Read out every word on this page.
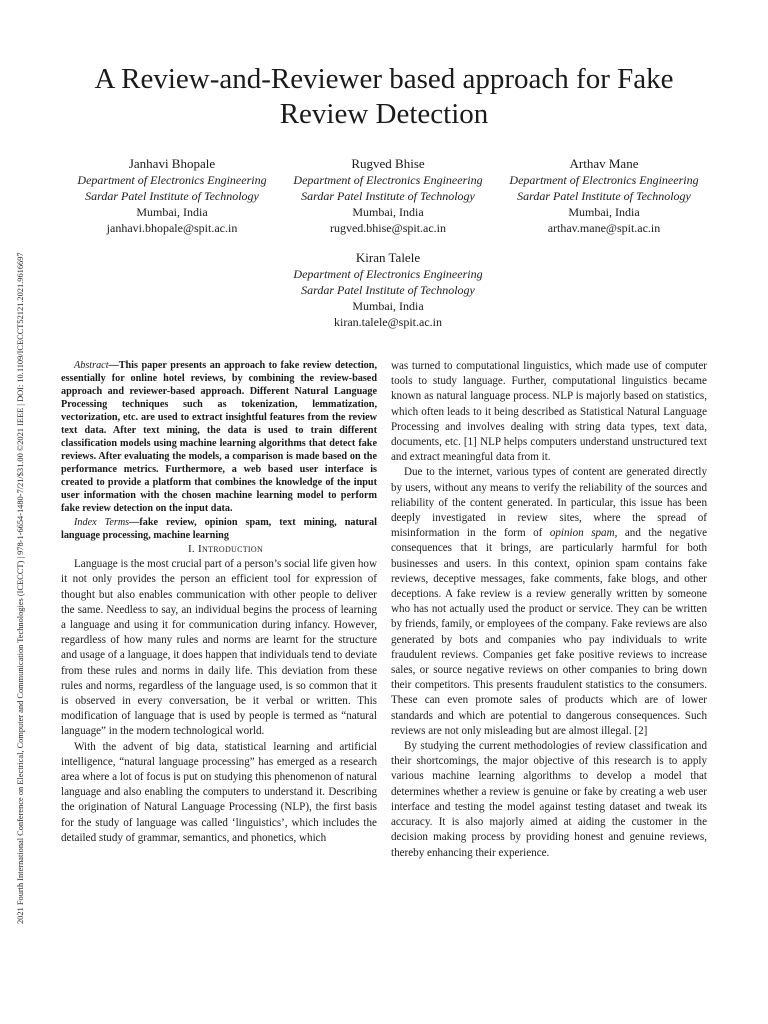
2021 Fourth International Conference on Electrical, Computer and Communication Technologies (ICECCT) | 978-1-6654-1480-7/21/$31.00 ©2021 IEEE | DOI: 10.1109/ICECCT52121.2021.9616697
A Review-and-Reviewer based approach for Fake Review Detection
Janhavi Bhopale
Department of Electronics Engineering
Sardar Patel Institute of Technology
Mumbai, India
janhavi.bhopale@spit.ac.in
Rugved Bhise
Department of Electronics Engineering
Sardar Patel Institute of Technology
Mumbai, India
rugved.bhise@spit.ac.in
Arthav Mane
Department of Electronics Engineering
Sardar Patel Institute of Technology
Mumbai, India
arthav.mane@spit.ac.in
Kiran Talele
Department of Electronics Engineering
Sardar Patel Institute of Technology
Mumbai, India
kiran.talele@spit.ac.in

Abstract—This paper presents an approach to fake review detection, essentially for online hotel reviews, by combining the review-based approach and reviewer-based approach. Different Natural Language Processing techniques such as tokenization, lemmatization, vectorization, etc. are used to extract insightful features from the review text data. After text mining, the data is used to train different classification models using machine learning algorithms that detect fake reviews. After evaluating the models, a comparison is made based on the performance metrics. Furthermore, a web based user interface is created to provide a platform that combines the knowledge of the input user information with the chosen machine learning model to perform fake review detection on the input data.

Index Terms—fake review, opinion spam, text mining, natural language processing, machine learning

I. Introduction

Language is the most crucial part of a person’s social life given how it not only provides the person an efficient tool for expression of thought but also enables communication with other people to deliver the same. Needless to say, an individual begins the process of learning a language and using it for communication during infancy. However, regardless of how many rules and norms are learnt for the structure and usage of a language, it does happen that individuals tend to deviate from these rules and norms in daily life. This deviation from these rules and norms, regardless of the language used, is so common that it is observed in every conversation, be it verbal or written. This modification of language that is used by people is termed as “natural language” in the modern technological world.

With the advent of big data, statistical learning and artificial intelligence, “natural language processing” has emerged as a research area where a lot of focus is put on studying this phenomenon of natural language and also enabling the computers to understand it. Describing the origination of Natural Language Processing (NLP), the first basis for the study of language was called ‘linguistics’, which includes the detailed study of grammar, semantics, and phonetics, which

was turned to computational linguistics, which made use of computer tools to study language. Further, computational linguistics became known as natural language process. NLP is majorly based on statistics, which often leads to it being described as Statistical Natural Language Processing and involves dealing with string data types, text data, documents, etc. [1] NLP helps computers understand unstructured text and extract meaningful data from it.

Due to the internet, various types of content are generated directly by users, without any means to verify the reliability of the sources and reliability of the content generated. In particular, this issue has been deeply investigated in review sites, where the spread of misinformation in the form of opinion spam, and the negative consequences that it brings, are particularly harmful for both businesses and users. In this context, opinion spam contains fake reviews, deceptive messages, fake comments, fake blogs, and other deceptions. A fake review is a review generally written by someone who has not actually used the product or service. They can be written by friends, family, or employees of the company. Fake reviews are also generated by bots and companies who pay individuals to write fraudulent reviews. Companies get fake positive reviews to increase sales, or source negative reviews on other companies to bring down their competitors. This presents fraudulent statistics to the consumers. These can even promote sales of products which are of lower standards and which are potential to dangerous consequences. Such reviews are not only misleading but are almost illegal. [2]

By studying the current methodologies of review classification and their shortcomings, the major objective of this research is to apply various machine learning algorithms to develop a model that determines whether a review is genuine or fake by creating a web user interface and testing the model against testing dataset and tweak its accuracy. It is also majorly aimed at aiding the customer in the decision making process by providing honest and genuine reviews, thereby enhancing their experience.
